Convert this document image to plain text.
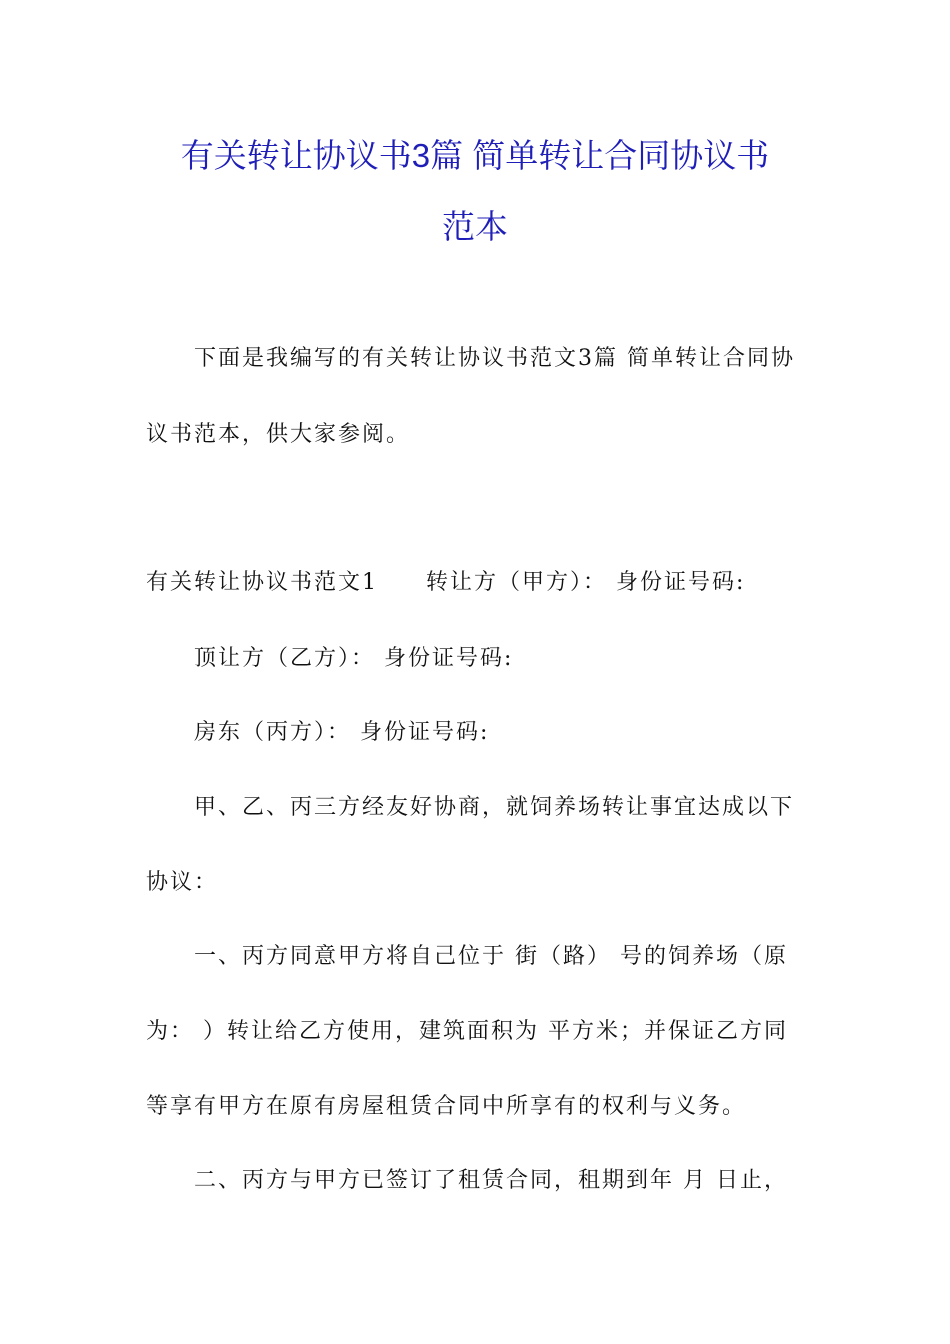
有关转让协议书3篇 简单转让合同协议书
范本
下面是我编写的有关转让协议书范文3篇 简单转让合同协
议书范本，供大家参阅。
有关转让协议书范文1 转让方（甲方）： 身份证号码:
顶让方（乙方）： 身份证号码:
房东（丙方）： 身份证号码:
甲、乙、丙三方经友好协商，就饲养场转让事宜达成以下
协议：
一、丙方同意甲方将自己位于 街（路） 号的饲养场（原
为： ）转让给乙方使用，建筑面积为 平方米；并保证乙方同
等享有甲方在原有房屋租赁合同中所享有的权利与义务。
二、丙方与甲方已签订了租赁合同，租期到年 月 日止，
